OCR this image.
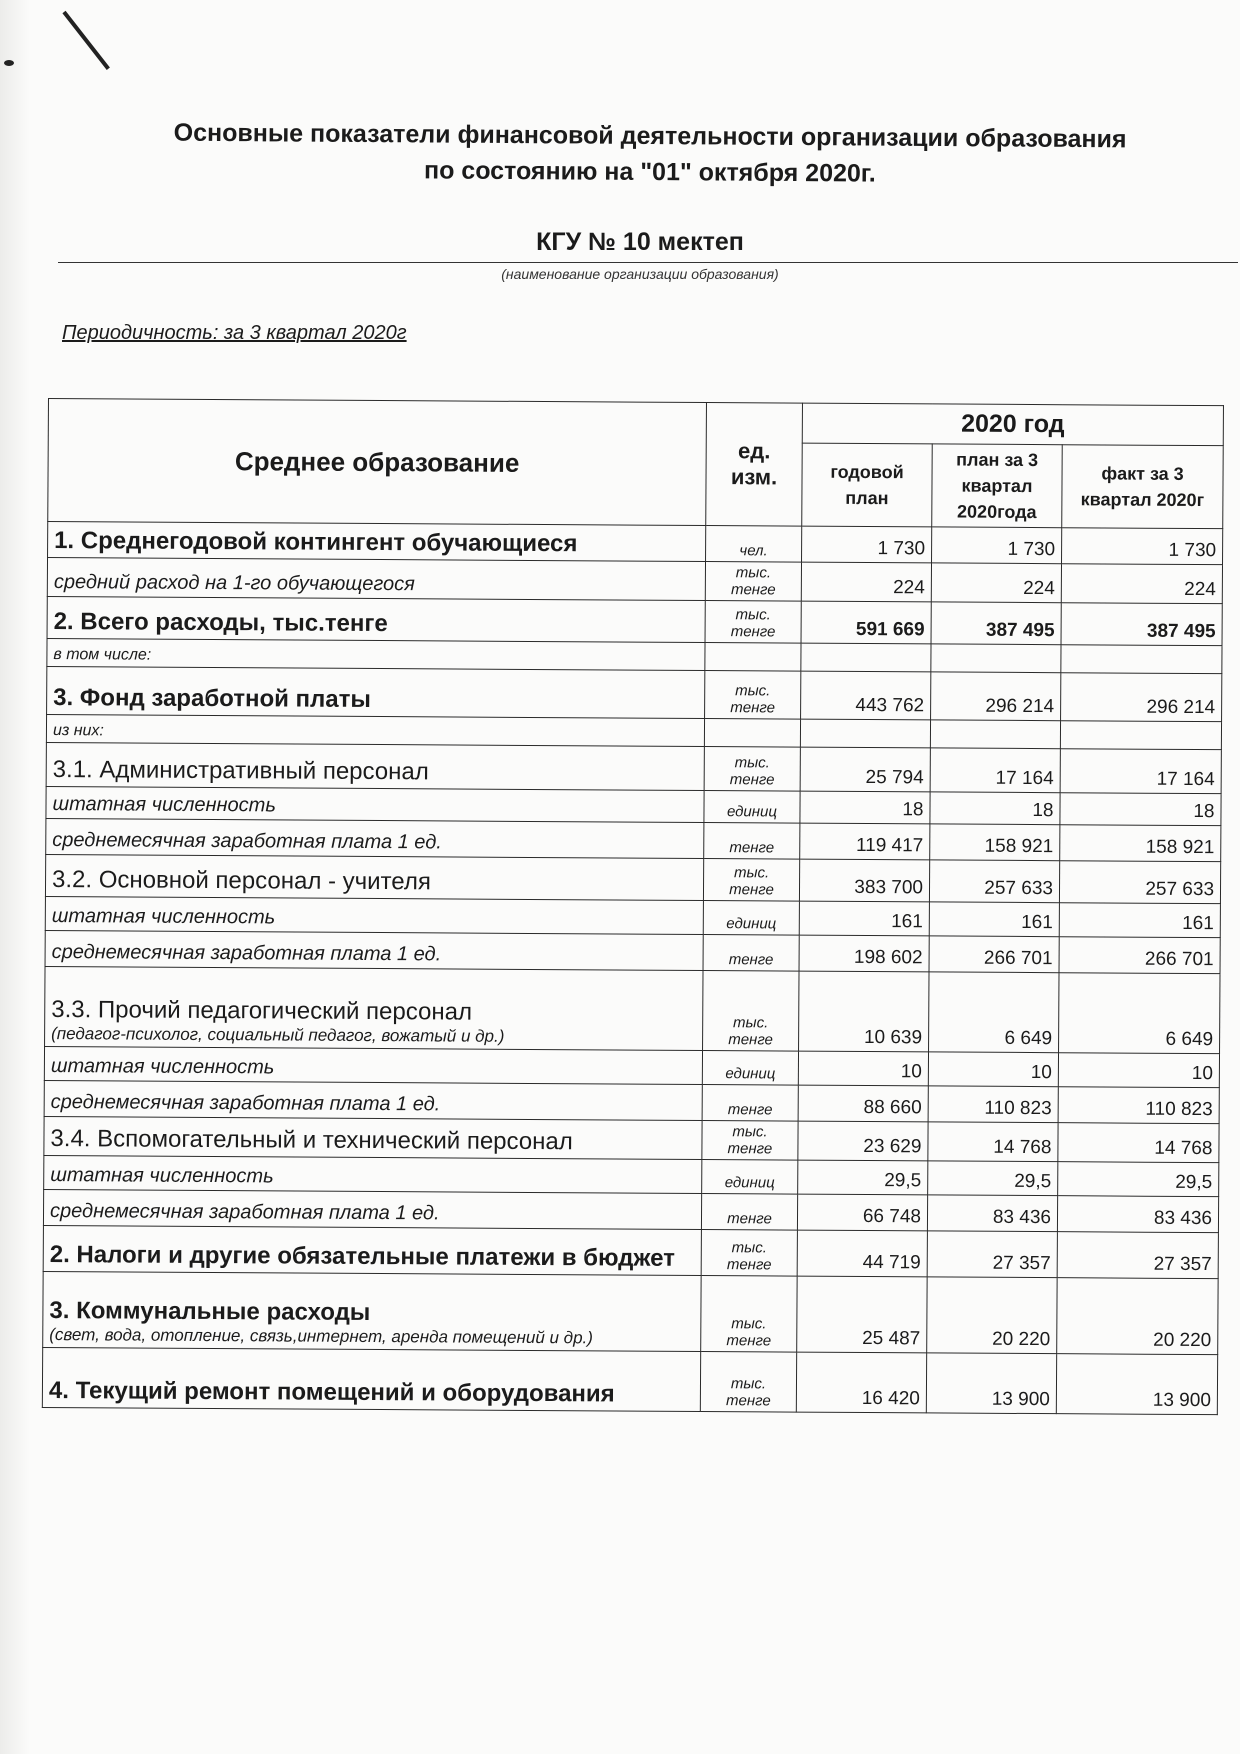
Основные показатели финансовой деятельности организации образования
по состоянию на "01" октября 2020г.
КГУ № 10 мектеп
(наименование организации образования)
Периодичность: за 3 квартал 2020г
Среднее образование	ед. изм.	2020 год		
		годовой план	план за 3 квартал 2020года	факт за 3 квартал 2020г
1. Среднегодовой контингент обучающиеся	чел.	1 730	1 730	1 730
средний расход на 1-го обучающегося	тыс. тенге	224	224	224
2. Всего расходы, тыс.тенге	тыс. тенге	591 669	387 495	387 495
в том числе:				
3. Фонд заработной платы	тыс. тенге	443 762	296 214	296 214
из них:				
3.1. Административный персонал	тыс. тенге	25 794	17 164	17 164
штатная численность	единиц	18	18	18
среднемесячная заработная плата 1 ед.	тенге	119 417	158 921	158 921
3.2. Основной персонал - учителя	тыс. тенге	383 700	257 633	257 633
штатная численность	единиц	161	161	161
среднемесячная заработная плата 1 ед.	тенге	198 602	266 701	266 701
3.3. Прочий педагогический персонал
(педагог-психолог, социальный педагог, вожатый и др.)	тыс. тенге	10 639	6 649	6 649
штатная численность	единиц	10	10	10
среднемесячная заработная плата 1 ед.	тенге	88 660	110 823	110 823
3.4. Вспомогательный и технический персонал	тыс. тенге	23 629	14 768	14 768
штатная численность	единиц	29,5	29,5	29,5
среднемесячная заработная плата 1 ед.	тенге	66 748	83 436	83 436
2. Налоги и другие обязательные платежи в бюджет	тыс. тенге	44 719	27 357	27 357
3. Коммунальные расходы
(свет, вода, отопление, связь,интернет, аренда помещений и др.)	тыс. тенге	25 487	20 220	20 220
4. Текущий ремонт помещений и оборудования	тыс. тенге	16 420	13 900	13 900
